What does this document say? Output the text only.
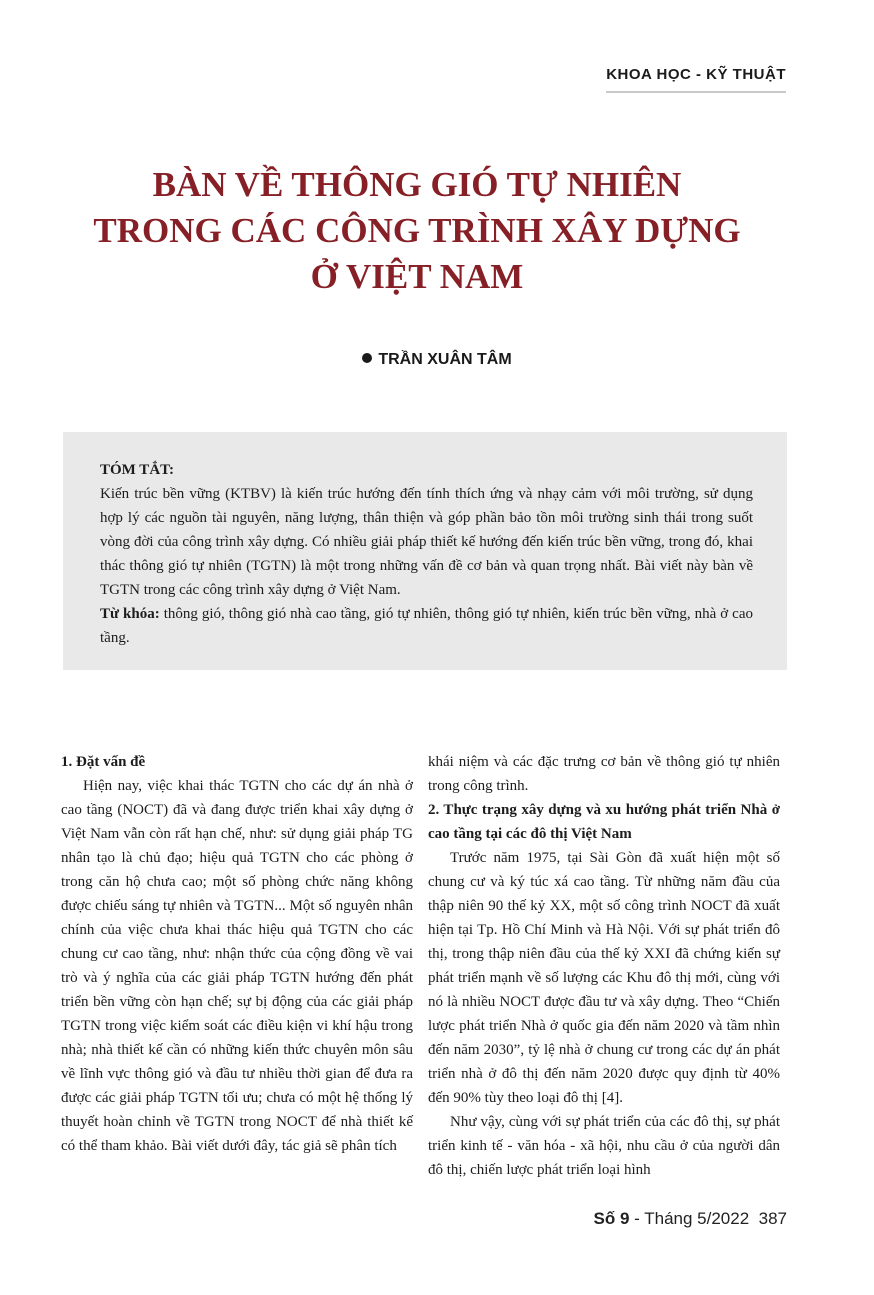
KHOA HỌC - KỸ THUẬT
BÀN VỀ THÔNG GIÓ TỰ NHIÊN
TRONG CÁC CÔNG TRÌNH XÂY DỰNG
Ở VIỆT NAM
TRẦN XUÂN TÂM

TÓM TẮT:

Kiến trúc bền vững (KTBV) là kiến trúc hướng đến tính thích ứng và nhạy cảm với môi trường, sử dụng hợp lý các nguồn tài nguyên, năng lượng, thân thiện và góp phần bảo tồn môi trường sinh thái trong suốt vòng đời của công trình xây dựng. Có nhiều giải pháp thiết kế hướng đến kiến trúc bền vững, trong đó, khai thác thông gió tự nhiên (TGTN) là một trong những vấn đề cơ bản và quan trọng nhất. Bài viết này bàn về TGTN trong các công trình xây dựng ở Việt Nam.

Từ khóa: thông gió, thông gió nhà cao tầng, gió tự nhiên, thông gió tự nhiên, kiến trúc bền vững, nhà ở cao tầng.

1. Đặt vấn đề

Hiện nay, việc khai thác TGTN cho các dự án nhà ở cao tầng (NOCT) đã và đang được triển khai xây dựng ở Việt Nam vẫn còn rất hạn chế, như: sử dụng giải pháp TG nhân tạo là chủ đạo; hiệu quả TGTN cho các phòng ở trong căn hộ chưa cao; một số phòng chức năng không được chiếu sáng tự nhiên và TGTN... Một số nguyên nhân chính của việc chưa khai thác hiệu quả TGTN cho các chung cư cao tầng, như: nhận thức của cộng đồng về vai trò và ý nghĩa của các giải pháp TGTN hướng đến phát triển bền vững còn hạn chế; sự bị động của các giải pháp TGTN trong việc kiểm soát các điều kiện vi khí hậu trong nhà; nhà thiết kế cần có những kiến thức chuyên môn sâu về lĩnh vực thông gió và đầu tư nhiều thời gian để đưa ra được các giải pháp TGTN tối ưu; chưa có một hệ thống lý thuyết hoàn chỉnh về TGTN trong NOCT để nhà thiết kế có thể tham khảo. Bài viết dưới đây, tác giả sẽ phân tích

khái niệm và các đặc trưng cơ bản về thông gió tự nhiên trong công trình.

2. Thực trạng xây dựng và xu hướng phát triển Nhà ở cao tầng tại các đô thị Việt Nam

Trước năm 1975, tại Sài Gòn đã xuất hiện một số chung cư và ký túc xá cao tầng. Từ những năm đầu của thập niên 90 thế kỷ XX, một số công trình NOCT đã xuất hiện tại Tp. Hồ Chí Minh và Hà Nội. Với sự phát triển đô thị, trong thập niên đầu của thế kỷ XXI đã chứng kiến sự phát triển mạnh về số lượng các Khu đô thị mới, cùng với nó là nhiều NOCT được đầu tư và xây dựng. Theo “Chiến lược phát triển Nhà ở quốc gia đến năm 2020 và tầm nhìn đến năm 2030”, tỷ lệ nhà ở chung cư trong các dự án phát triển nhà ở đô thị đến năm 2020 được quy định từ 40% đến 90% tùy theo loại đô thị [4].

Như vậy, cùng với sự phát triển của các đô thị, sự phát triển kinh tế - văn hóa - xã hội, nhu cầu ở của người dân đô thị, chiến lược phát triển loại hình

Số 9 - Tháng 5/2022 387
